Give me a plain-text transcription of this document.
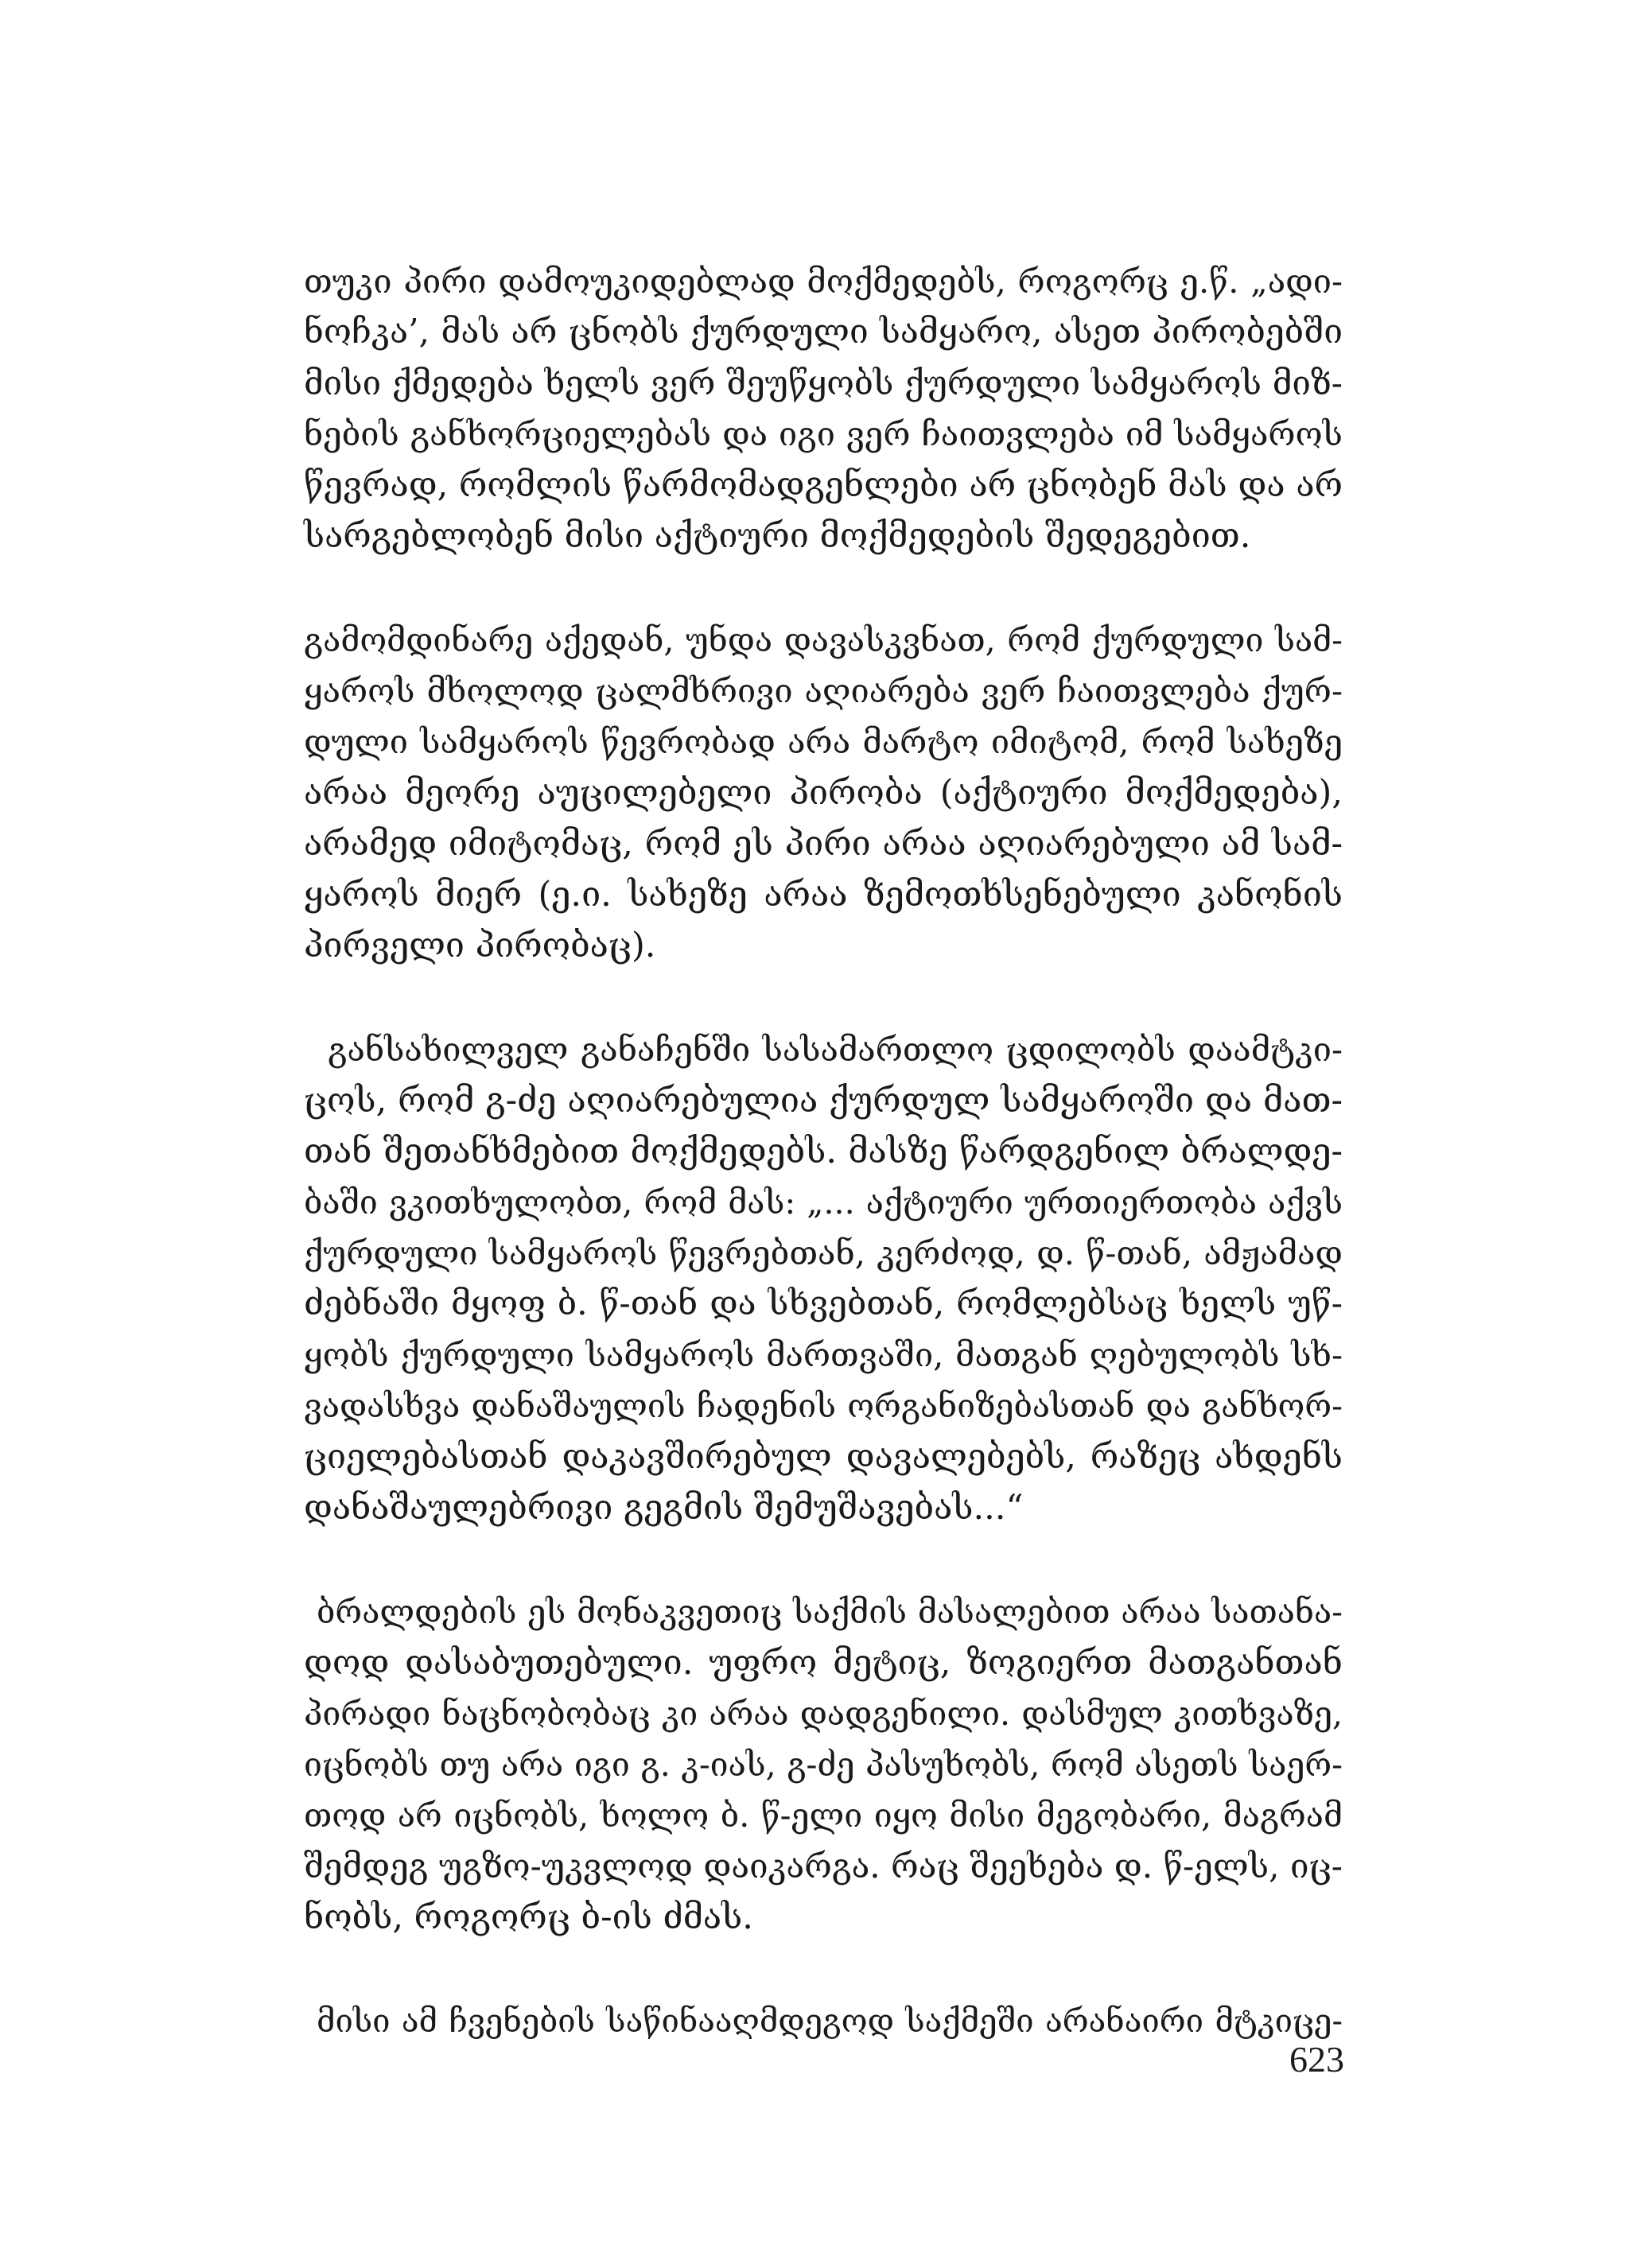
თუკი პირი დამოუკიდებლად მოქმედებს, როგორც ე.წ. „ადი-
ნოჩკა’, მას არ ცნობს ქურდული სამყარო, ასეთ პირობებში
მისი ქმედება ხელს ვერ შეუწყობს ქურდული სამყაროს მიზ-
ნების განხორციელებას და იგი ვერ ჩაითვლება იმ სამყაროს
წევრად, რომლის წარმომადგენლები არ ცნობენ მას და არ
სარგებლობენ მისი აქტიური მოქმედების შედეგებით.
გამომდინარე აქედან, უნდა დავასკვნათ, რომ ქურდული სამ-
ყაროს მხოლოდ ცალმხრივი აღიარება ვერ ჩაითვლება ქურ-
დული სამყაროს წევრობად არა მარტო იმიტომ, რომ სახეზე
არაა მეორე აუცილებელი პირობა (აქტიური მოქმედება),
არამედ იმიტომაც, რომ ეს პირი არაა აღიარებული ამ სამ-
ყაროს მიერ (ე.ი. სახეზე არაა ზემოთხსენებული კანონის
პირველი პირობაც).
განსახილველ განაჩენში სასამართლო ცდილობს დაამტკი-
ცოს, რომ გ-ძე აღიარებულია ქურდულ სამყაროში და მათ-
თან შეთანხმებით მოქმედებს. მასზე წარდგენილ ბრალდე-
ბაში ვკითხულობთ, რომ მას: „... აქტიური ურთიერთობა აქვს
ქურდული სამყაროს წევრებთან, კერძოდ, დ. წ-თან, ამჟამად
ძებნაში მყოფ ბ. წ-თან და სხვებთან, რომლებსაც ხელს უწ-
ყობს ქურდული სამყაროს მართვაში, მათგან ღებულობს სხ-
ვადასხვა დანაშაულის ჩადენის ორგანიზებასთან და განხორ-
ციელებასთან დაკავშირებულ დავალებებს, რაზეც ახდენს
დანაშაულებრივი გეგმის შემუშავებას...“
ბრალდების ეს მონაკვეთიც საქმის მასალებით არაა სათანა-
დოდ დასაბუთებული. უფრო მეტიც, ზოგიერთ მათგანთან
პირადი ნაცნობობაც კი არაა დადგენილი. დასმულ კითხვაზე,
იცნობს თუ არა იგი გ. კ-იას, გ-ძე პასუხობს, რომ ასეთს საერ-
თოდ არ იცნობს, ხოლო ბ. წ-ელი იყო მისი მეგობარი, მაგრამ
შემდეგ უგზო-უკვლოდ დაიკარგა. რაც შეეხება დ. წ-ელს, იც-
ნობს, როგორც ბ-ის ძმას.
მისი ამ ჩვენების საწინააღმდეგოდ საქმეში არანაირი მტკიცე-
623
